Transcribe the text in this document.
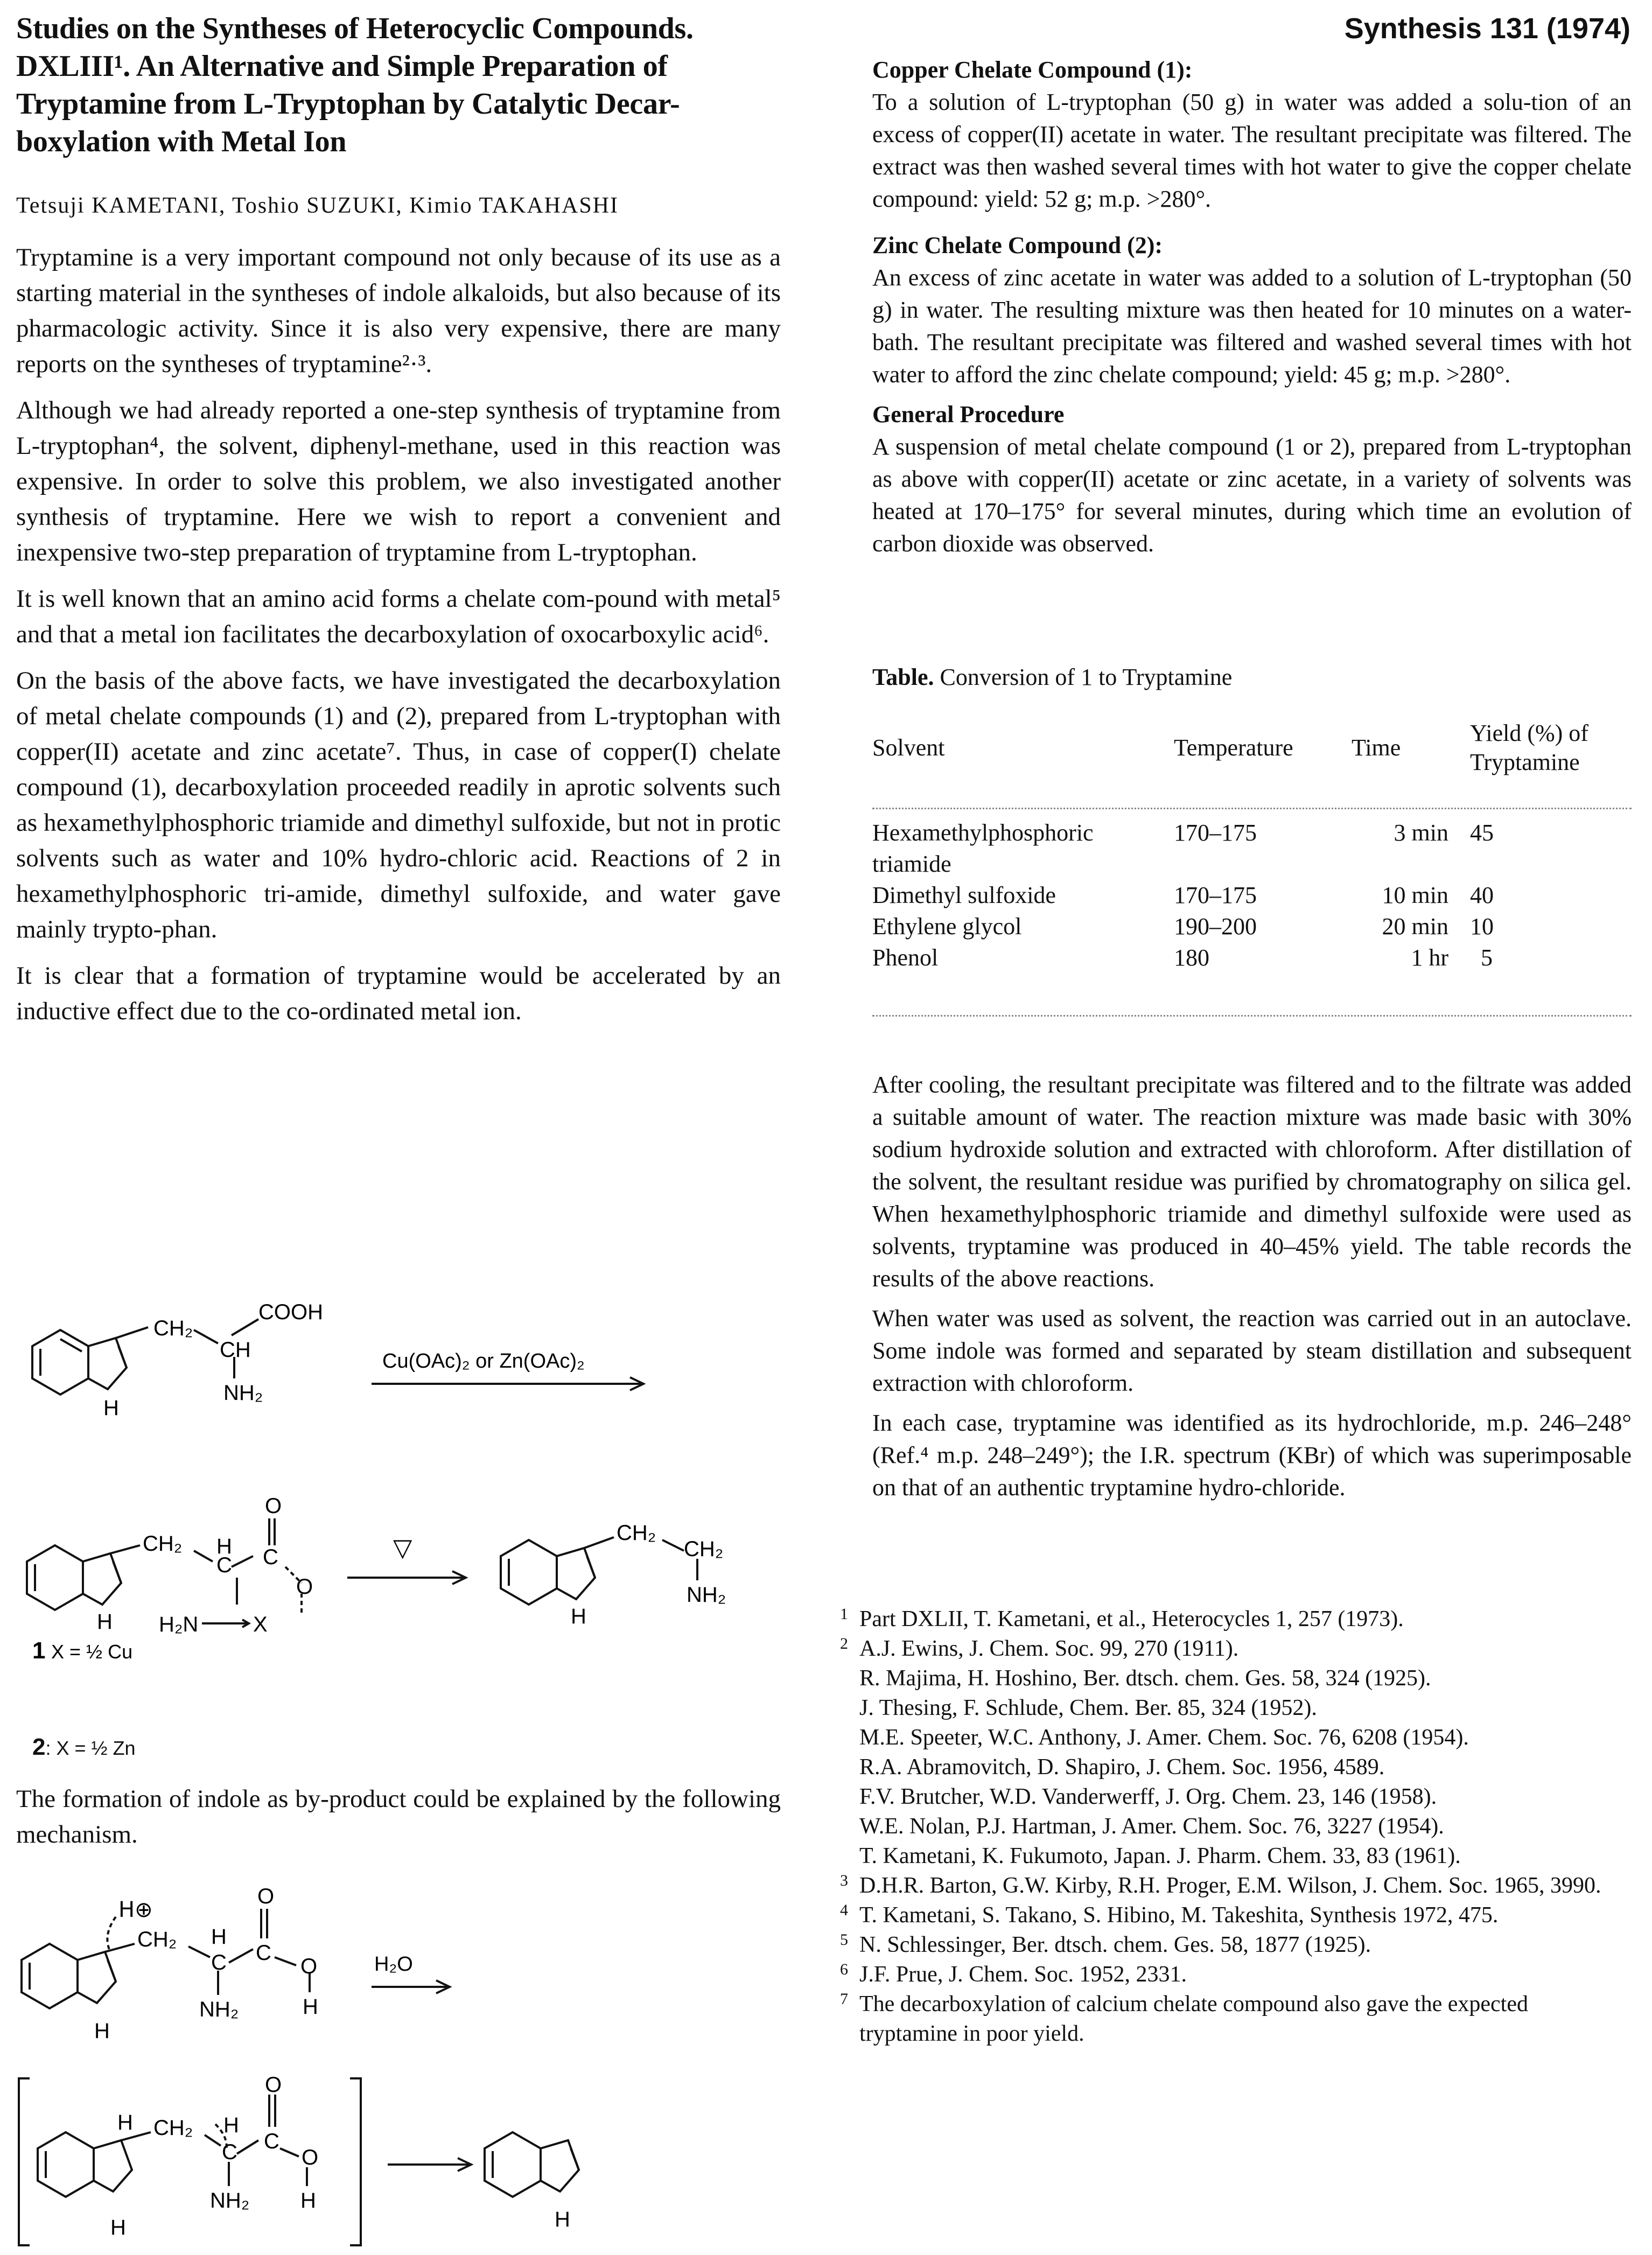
Studies on the Syntheses of Heterocyclic Compounds.
DXLIII¹. An Alternative and Simple Preparation of
Tryptamine from L-Tryptophan by Catalytic Decar-
boxylation with Metal Ion
Synthesis 131 (1974)
Tetsuji KAMETANI, Toshio SUZUKI, Kimio TAKAHASHI

Tryptamine is a very important compound not only because of its use as a starting material in the syntheses of indole alkaloids, but also because of its pharmacologic activity. Since it is also very expensive, there are many reports on the syntheses of tryptamine²·³.

Although we had already reported a one-step synthesis of tryptamine from L-tryptophan⁴, the solvent, diphenyl-methane, used in this reaction was expensive. In order to solve this problem, we also investigated another synthesis of tryptamine. Here we wish to report a convenient and inexpensive two-step preparation of tryptamine from L-tryptophan.

It is well known that an amino acid forms a chelate com-pound with metal⁵ and that a metal ion facilitates the decarboxylation of oxocarboxylic acid⁶.

On the basis of the above facts, we have investigated the decarboxylation of metal chelate compounds (1) and (2), prepared from L-tryptophan with copper(II) acetate and zinc acetate⁷. Thus, in case of copper(I) chelate compound (1), decarboxylation proceeded readily in aprotic solvents such as hexamethylphosphoric triamide and dimethyl sulfoxide, but not in protic solvents such as water and 10% hydro-chloric acid. Reactions of 2 in hexamethylphosphoric tri-amide, dimethyl sulfoxide, and water gave mainly trypto-phan.

It is clear that a formation of tryptamine would be accelerated by an inductive effect due to the co-ordinated metal ion.

H
CH₂
CH
COOH
NH₂
Cu(OAc)₂ or Zn(OAc)₂
H
CH₂ H
C C
O
O
H₂N	X
▽
H
CH₂
CH₂
NH₂
1 X = ½ Cu
2: X = ½ Zn

The formation of indole as by-product could be explained by the following mechanism.

H⊕
H
CH₂ H
C C
O
O
H
NH₂
H₂O
H
H
CH₂ H
C C
O
O
H
NH₂
H
Copper Chelate Compound (1):

To a solution of L-tryptophan (50 g) in water was added a solu-tion of an excess of copper(II) acetate in water. The resultant precipitate was filtered. The extract was then washed several times with hot water to give the copper chelate compound: yield: 52 g; m.p. >280°.

Zinc Chelate Compound (2):

An excess of zinc acetate in water was added to a solution of L-tryptophan (50 g) in water. The resulting mixture was then heated for 10 minutes on a water-bath. The resultant precipitate was filtered and washed several times with hot water to afford the zinc chelate compound; yield: 45 g; m.p. >280°.

General Procedure

A suspension of metal chelate compound (1 or 2), prepared from L-tryptophan as above with copper(II) acetate or zinc acetate, in a variety of solvents was heated at 170–175° for several minutes, during which time an evolution of carbon dioxide was observed.

Table. Conversion of 1 to Tryptamine
Solvent	Temperature	Time	Yield (%) of Tryptamine
Hexamethylphosphoric triamide	170–175	3 min	45
Dimethyl sulfoxide	170–175	10 min	40
Ethylene glycol	190–200	20 min	10
Phenol	180	1 hr	5

After cooling, the resultant precipitate was filtered and to the filtrate was added a suitable amount of water. The reaction mixture was made basic with 30% sodium hydroxide solution and extracted with chloroform. After distillation of the solvent, the resultant residue was purified by chromatography on silica gel. When hexamethylphosphoric triamide and dimethyl sulfoxide were used as solvents, tryptamine was produced in 40–45% yield. The table records the results of the above reactions.

When water was used as solvent, the reaction was carried out in an autoclave. Some indole was formed and separated by steam distillation and subsequent extraction with chloroform.

In each case, tryptamine was identified as its hydrochloride, m.p. 246–248° (Ref.⁴ m.p. 248–249°); the I.R. spectrum (KBr) of which was superimposable on that of an authentic tryptamine hydro-chloride.

1 Part DXLII, T. Kametani, et al., Heterocycles 1, 257 (1973).
2 A.J. Ewins, J. Chem. Soc. 99, 270 (1911).
R. Majima, H. Hoshino, Ber. dtsch. chem. Ges. 58, 324 (1925).
J. Thesing, F. Schlude, Chem. Ber. 85, 324 (1952).
M.E. Speeter, W.C. Anthony, J. Amer. Chem. Soc. 76, 6208 (1954).
R.A. Abramovitch, D. Shapiro, J. Chem. Soc. 1956, 4589.
F.V. Brutcher, W.D. Vanderwerff, J. Org. Chem. 23, 146 (1958).
W.E. Nolan, P.J. Hartman, J. Amer. Chem. Soc. 76, 3227 (1954).
T. Kametani, K. Fukumoto, Japan. J. Pharm. Chem. 33, 83 (1961).
3 D.H.R. Barton, G.W. Kirby, R.H. Proger, E.M. Wilson, J. Chem. Soc. 1965, 3990.
4 T. Kametani, S. Takano, S. Hibino, M. Takeshita, Synthesis 1972, 475.
5 N. Schlessinger, Ber. dtsch. chem. Ges. 58, 1877 (1925).
6 J.F. Prue, J. Chem. Soc. 1952, 2331.
7 The decarboxylation of calcium chelate compound also gave the expected tryptamine in poor yield.
